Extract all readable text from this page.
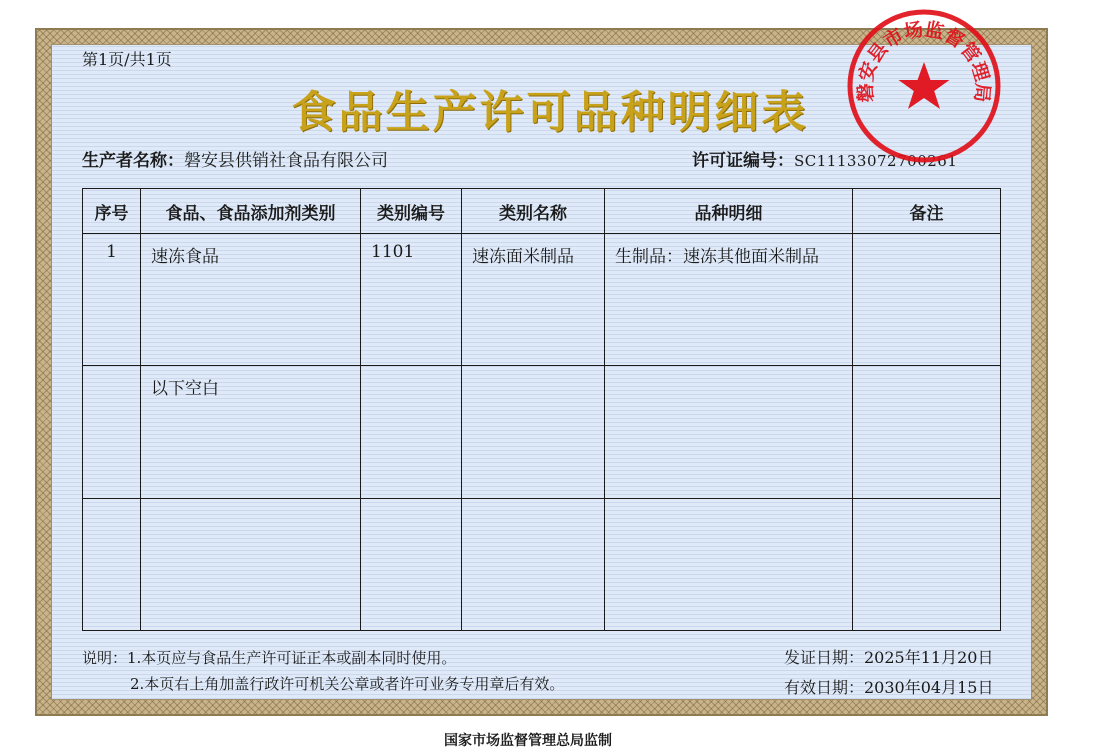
第1页/共1页
食品生产许可品种明细表
生产者名称：磐安县供销社食品有限公司	许可证编号：SC11133072700261
序号	食品、食品添加剂类别	类别编号	类别名称	品种明细	备注
1	速冻食品	1101	速冻面米制品	生制品：速冻其他面米制品	
	以下空白				

说明：1.本页应与食品生产许可证正本或副本同时使用。
2.本页右上角加盖行政许可机关公章或者许可业务专用章后有效。
发证日期：2025年11月20日
有效日期：2030年04月15日
国家市场监督管理总局监制
磐安县市场监督管理局
